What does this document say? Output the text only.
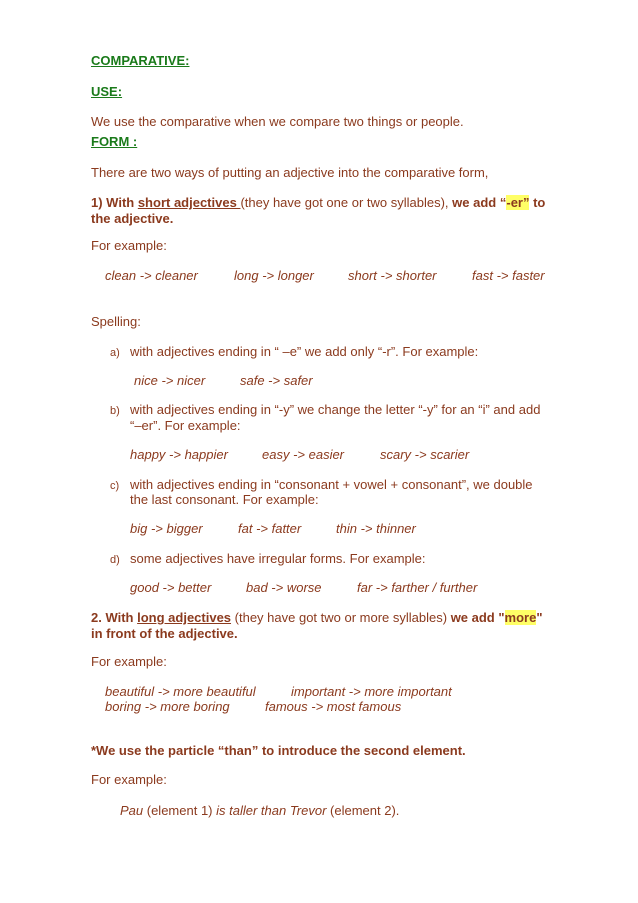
COMPARATIVE:
USE:
We use the comparative when we compare two things or people.
FORM :
There are two ways of putting an adjective into the comparative form,
1) With short adjectives (they have got one or two syllables), we add “-er” to
the adjective.
For example:
clean -> cleaner	long -> longer	short -> shorter	fast -> faster
Spelling:
a) with adjectives ending in “ –e” we add only “-r”. For example:
nice -> nicer	safe -> safer
b) with adjectives ending in “-y” we change the letter “-y” for an “i” and add
“–er”. For example:
happy -> happier	easy -> easier	scary -> scarier
c) with adjectives ending in “consonant + vowel + consonant”, we double
the last consonant. For example:
big -> bigger	fat -> fatter	thin -> thinner
d) some adjectives have irregular forms. For example:
good -> better	bad -> worse	far -> farther / further
2. With long adjectives (they have got two or more syllables) we add "more"
in front of the adjective.
For example:
beautiful -> more beautiful	important -> more important
boring -> more boring	famous -> most famous
*We use the particle “than” to introduce the second element.
For example:
Pau (element 1) is taller than Trevor (element 2).
